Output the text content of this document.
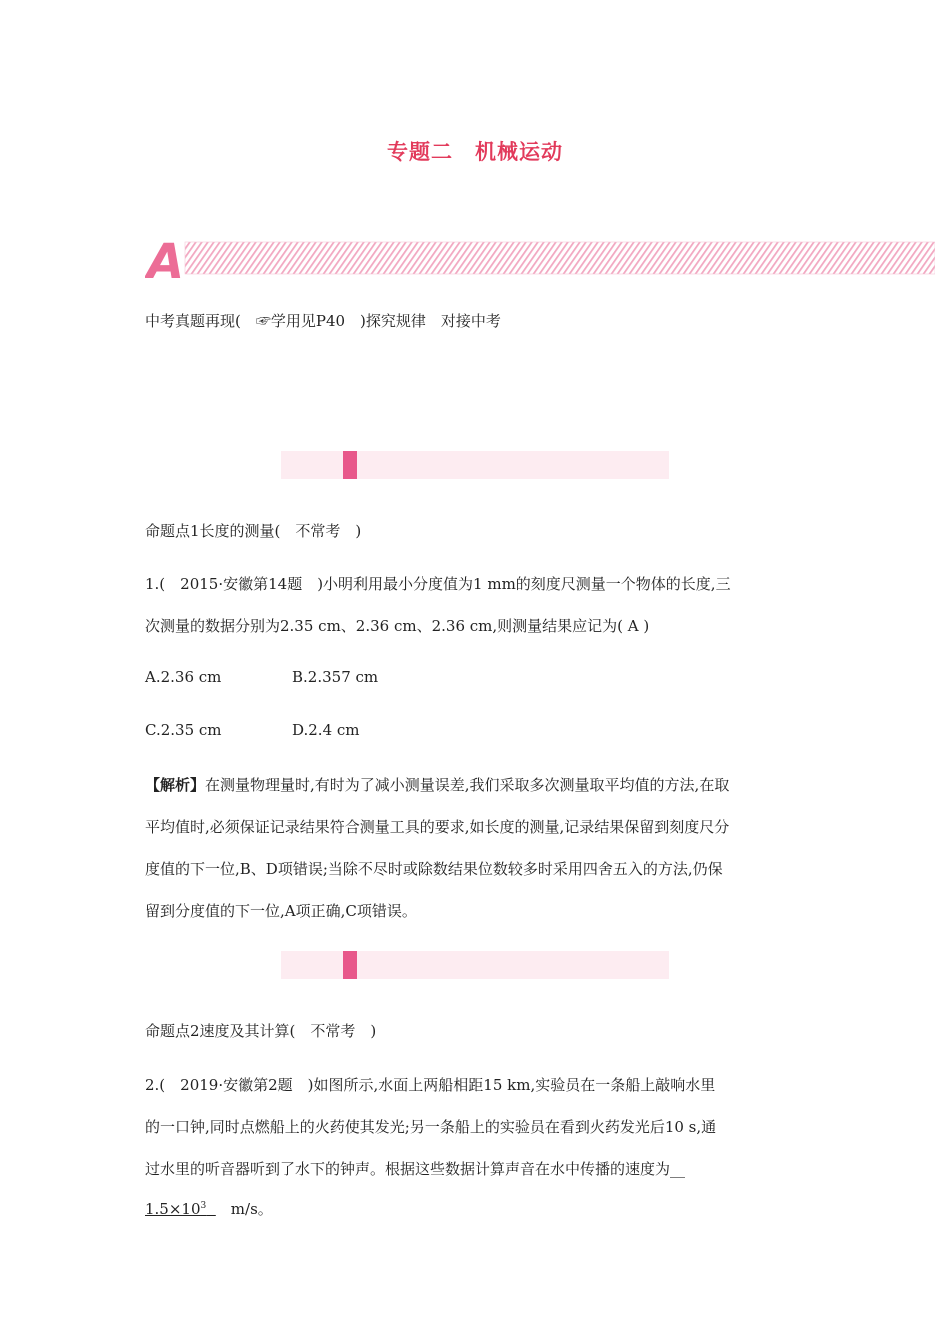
专题二　机械运动
A
中考真题再现(　☞学用见P40　)探究规律　对接中考
命题点1长度的测量(　不常考　)
1.(　2015·安徽第14题　)小明利用最小分度值为1 mm的刻度尺测量一个物体的长度,三
次测量的数据分别为2.35 cm、2.36 cm、2.36 cm,则测量结果应记为( A )
A.2.36 cm	B.2.357 cm
C.2.35 cm	D.2.4 cm
【解析】在测量物理量时,有时为了减小测量误差,我们采取多次测量取平均值的方法,在取
平均值时,必须保证记录结果符合测量工具的要求,如长度的测量,记录结果保留到刻度尺分
度值的下一位,B、D项错误;当除不尽时或除数结果位数较多时采用四舍五入的方法,仍保
留到分度值的下一位,A项正确,C项错误。
命题点2速度及其计算(　不常考　)
2.(　2019·安徽第2题　)如图所示,水面上两船相距15 km,实验员在一条船上敲响水里
的一口钟,同时点燃船上的火药使其发光;另一条船上的实验员在看到火药发光后10 s,通
过水里的听音器听到了水下的钟声。根据这些数据计算声音在水中传播的速度为__
$1.5\times 10^3$  　m/s。
